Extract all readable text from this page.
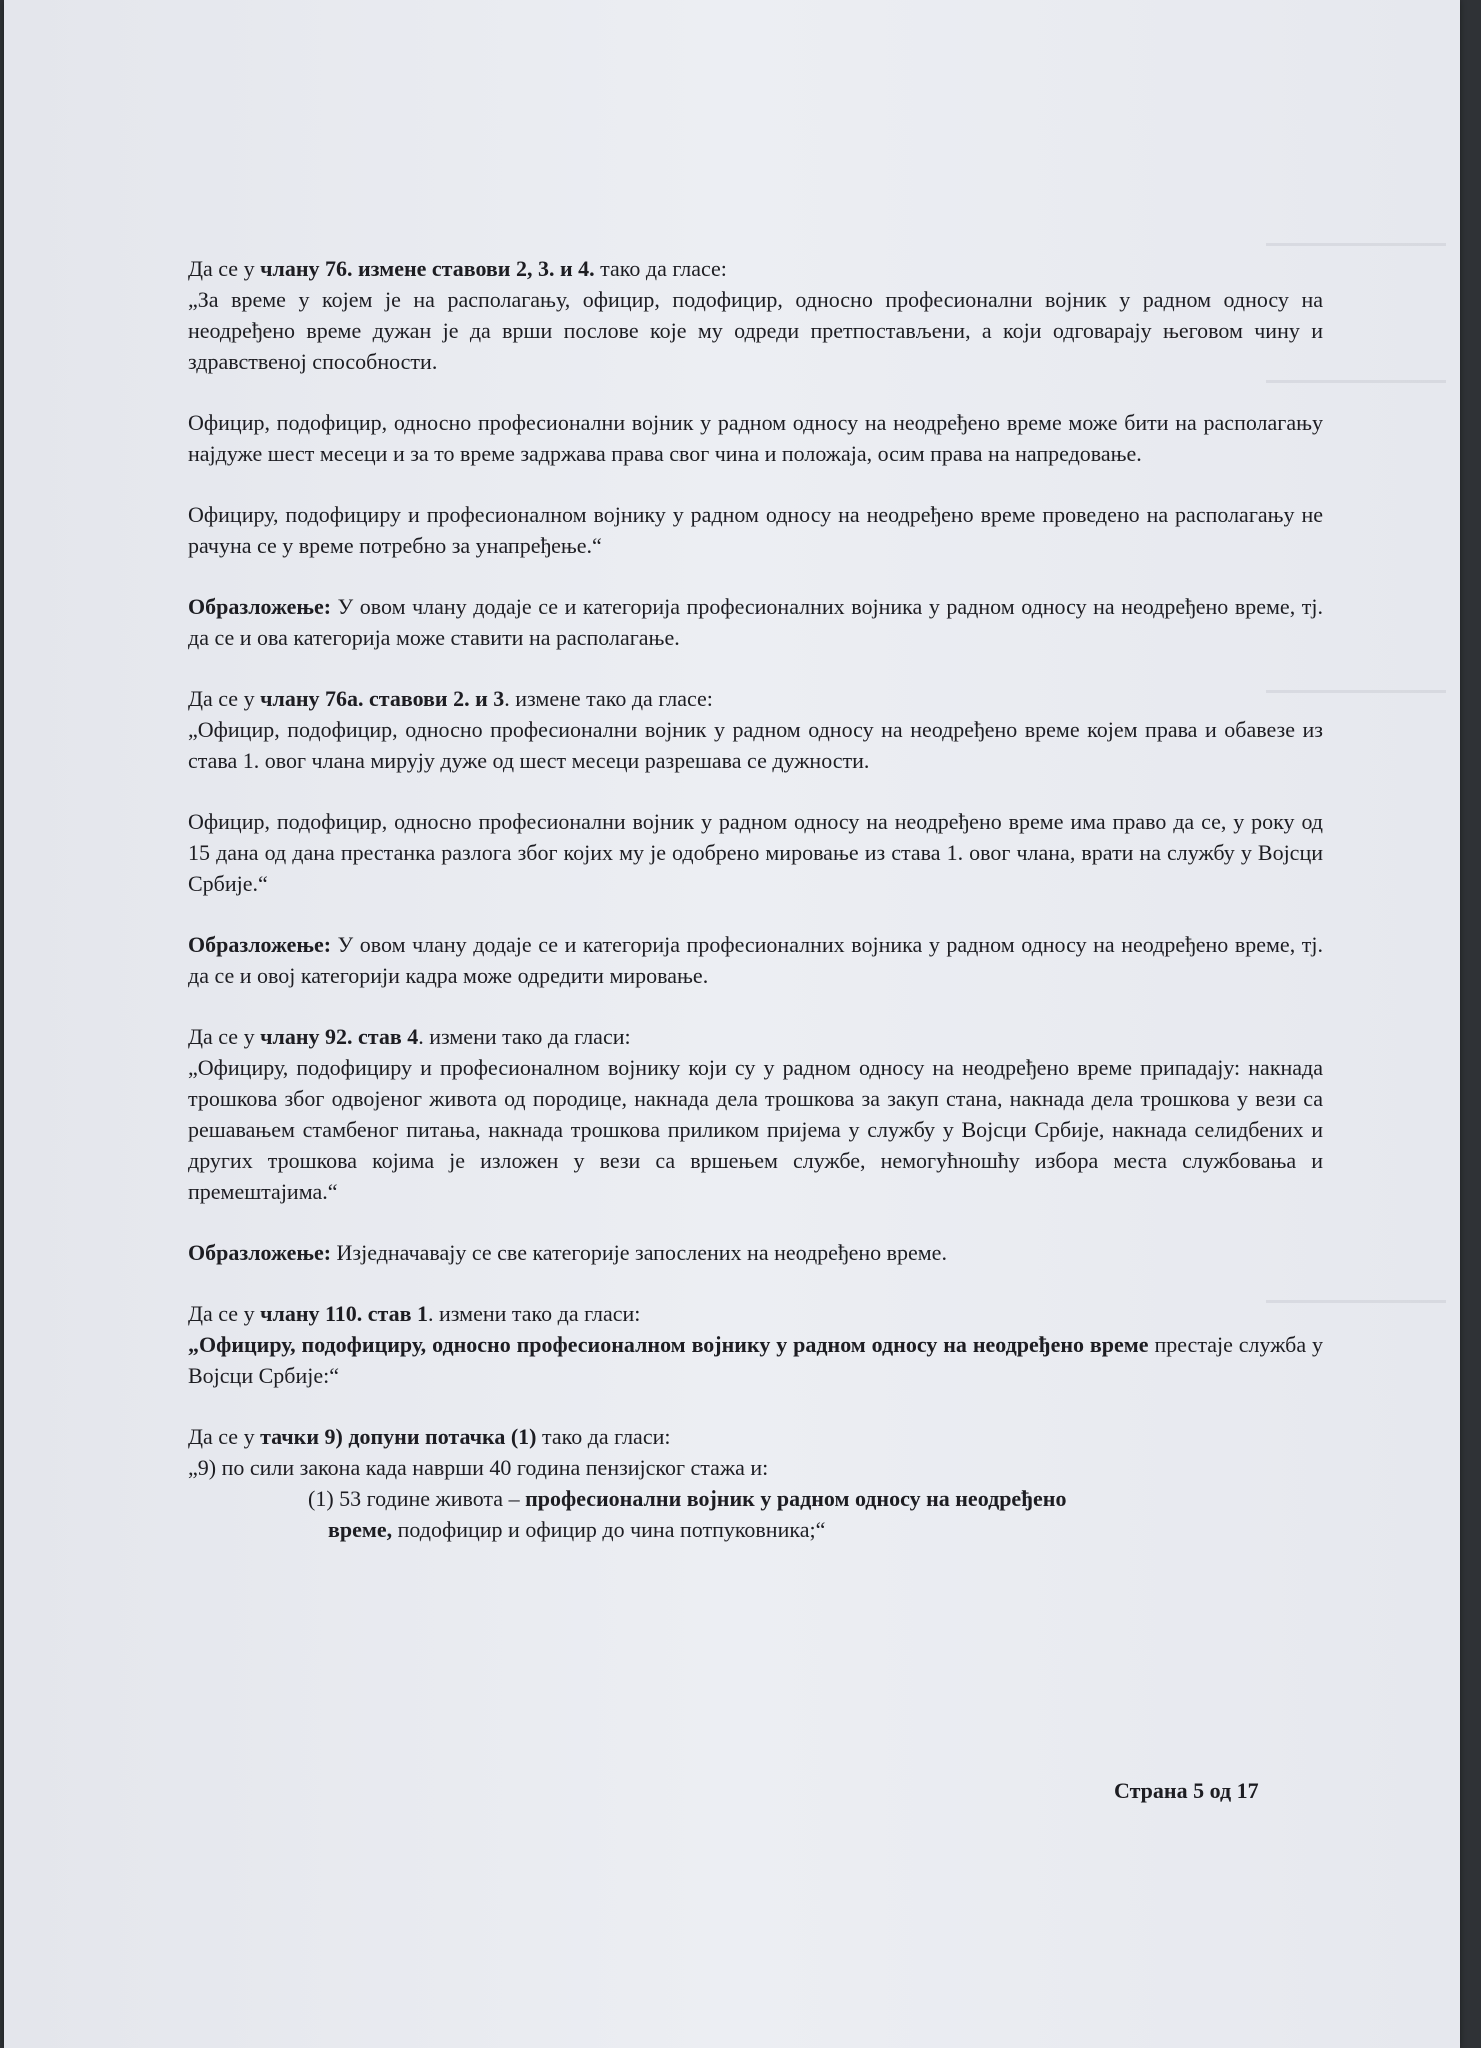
Да се у члану 76. измене ставови 2, 3. и 4. тако да гласе:

„За време у којем је на располагању, официр, подофицир, односно професионални војник у радном односу на неодређено време дужан је да врши послове које му одреди претпостављени, а који одговарају његовом чину и здравственој способности.

Официр, подофицир, односно професионални војник у радном односу на неодређено време може бити на располагању најдуже шест месеци и за то време задржава права свог чина и положаја, осим права на напредовање.

Официру, подофициру и професионалном војнику у радном односу на неодређено време проведено на располагању не рачуна се у време потребно за унапређење.“

Образложење: У овом члану додаје се и категорија професионалних војника у радном односу на неодређено време, тј. да се и ова категорија може ставити на располагање.

Да се у члану 76а. ставови 2. и 3. измене тако да гласе:

„Официр, подофицир, односно професионални војник у радном односу на неодређено време којем права и обавезе из става 1. овог члана мирују дуже од шест месеци разрешава се дужности.

Официр, подофицир, односно професионални војник у радном односу на неодређено време има право да се, у року од 15 дана од дана престанка разлога због којих му је одобрено мировање из става 1. овог члана, врати на службу у Војсци Србије.“

Образложење: У овом члану додаје се и категорија професионалних војника у радном односу на неодређено време, тј. да се и овој категорији кадра може одредити мировање.

Да се у члану 92. став 4. измени тако да гласи:

„Официру, подофициру и професионалном војнику који су у радном односу на неодређено време припадају: накнада трошкова због одвојеног живота од породице, накнада дела трошкова за закуп стана, накнада дела трошкова у вези са решавањем стамбеног питања, накнада трошкова приликом пријема у службу у Војсци Србије, накнада селидбених и других трошкова којима је изложен у вези са вршењем службе, немогућношћу избора места службовања и премештајима.“

Образложење: Изједначавају се све категорије запослених на неодређено време.

Да се у члану 110. став 1. измени тако да гласи:

„Официру, подофициру, односно професионалном војнику у радном односу на неодређено време престаје служба у Војсци Србије:“

Да се у тачки 9) допуни потачка (1) тако да гласи:

„9) по сили закона када наврши 40 година пензијског стажа и:

(1) 53 године живота – професионални војник у радном односу на неодређено

време, подофицир и официр до чина потпуковника;“

Страна 5 од 17
